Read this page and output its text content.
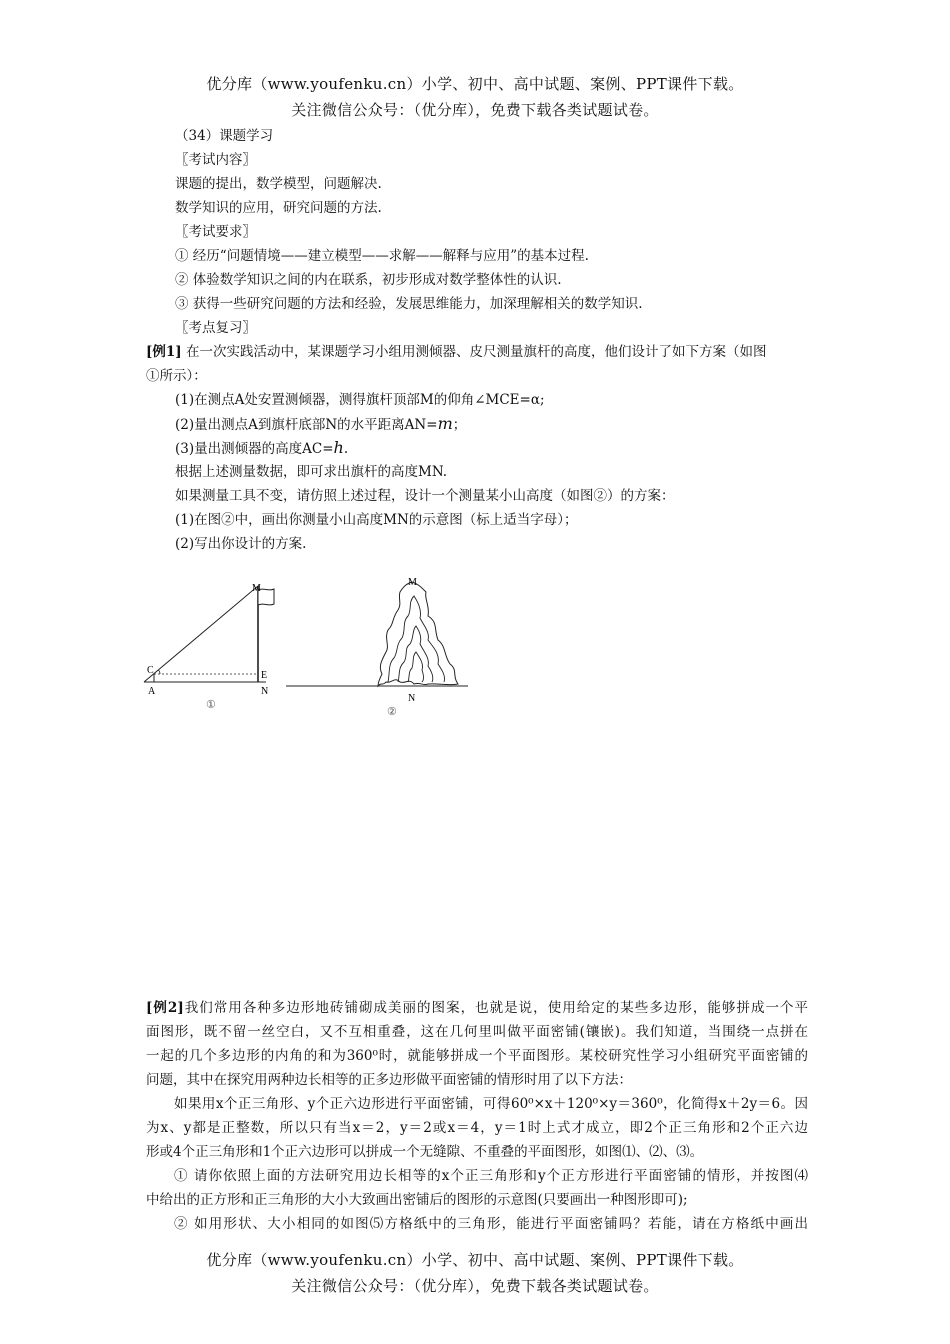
优分库（www.youfenku.cn）小学、初中、高中试题、案例、PPT课件下载。
关注微信公众号：（优分库），免费下载各类试题试卷。
（34）课题学习
〖考试内容〗
课题的提出，数学模型，问题解决.
数学知识的应用，研究问题的方法.
〖考试要求〗
① 经历“问题情境——建立模型——求解——解释与应用”的基本过程.
② 体验数学知识之间的内在联系，初步形成对数学整体性的认识.
③ 获得一些研究问题的方法和经验，发展思维能力，加深理解相关的数学知识.
〖考点复习〗
[例1] 在一次实践活动中，某课题学习小组用测倾器、皮尺测量旗杆的高度，他们设计了如下方案（如图
①所示）：
(1)在测点A处安置测倾器，测得旗杆顶部M的仰角∠MCE=α;
(2)量出测点A到旗杆底部N的水平距离AN=m；
(3)量出测倾器的高度AC=h.
根据上述测量数据，即可求出旗杆的高度MN.
如果测量工具不变，请仿照上述过程，设计一个测量某小山高度（如图②）的方案：
(1)在图②中，画出你测量小山高度MN的示意图（标上适当字母）；
(2)写出你设计的方案.
M
C
A
E
N
①
M
N
②
[例2]我们常用各种多边形地砖铺砌成美丽的图案，也就是说，使用给定的某些多边形，能够拼成一个平
面图形，既不留一丝空白，又不互相重叠，这在几何里叫做平面密铺(镶嵌)。我们知道，当围绕一点拼在
一起的几个多边形的内角的和为360⁰时，就能够拼成一个平面图形。某校研究性学习小组研究平面密铺的
问题，其中在探究用两种边长相等的正多边形做平面密铺的情形时用了以下方法：
如果用x个正三角形、y个正六边形进行平面密铺，可得60⁰×x＋120⁰×y＝360⁰，化简得x＋2y＝6。因
为x、y都是正整数，所以只有当x＝2，y＝2或x＝4，y＝1时上式才成立，即2个正三角形和2个正六边
形或4个正三角形和1个正六边形可以拼成一个无缝隙、不重叠的平面图形，如图⑴、⑵、⑶。
① 请你依照上面的方法研究用边长相等的x个正三角形和y个正方形进行平面密铺的情形，并按图⑷
中给出的正方形和正三角形的大小大致画出密铺后的图形的示意图(只要画出一种图形即可);
② 如用形状、大小相同的如图⑸方格纸中的三角形，能进行平面密铺吗？若能，请在方格纸中画出
优分库（www.youfenku.cn）小学、初中、高中试题、案例、PPT课件下载。
关注微信公众号：（优分库），免费下载各类试题试卷。
